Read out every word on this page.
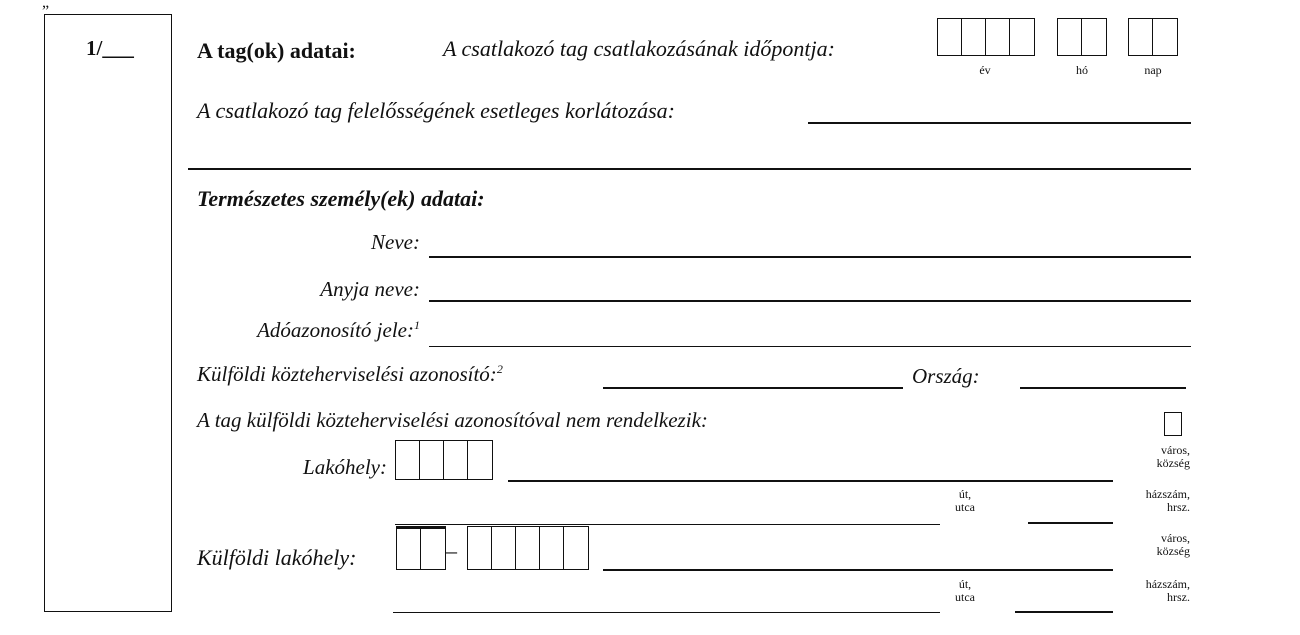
„
1/___	A tag(ok) adatai:	A csatlakozó tag csatlakozásának időpontja:
év	hó	nap
A csatlakozó tag felelősségének esetleges korlátozása:
Természetes személy(ek) adatai:
Neve:
Anyja neve:
Adóazonosító jele:$^1$
Külföldi közteherviselési azonosító:$^2$	Ország:
A tag külföldi közteherviselési azonosítóval nem rendelkezik:
Lakóhely:
város,
község
út,
utca
házszám,
hrsz.
Külföldi lakóhely:	–	város,
község
út,
utca
házszám,
hrsz.
